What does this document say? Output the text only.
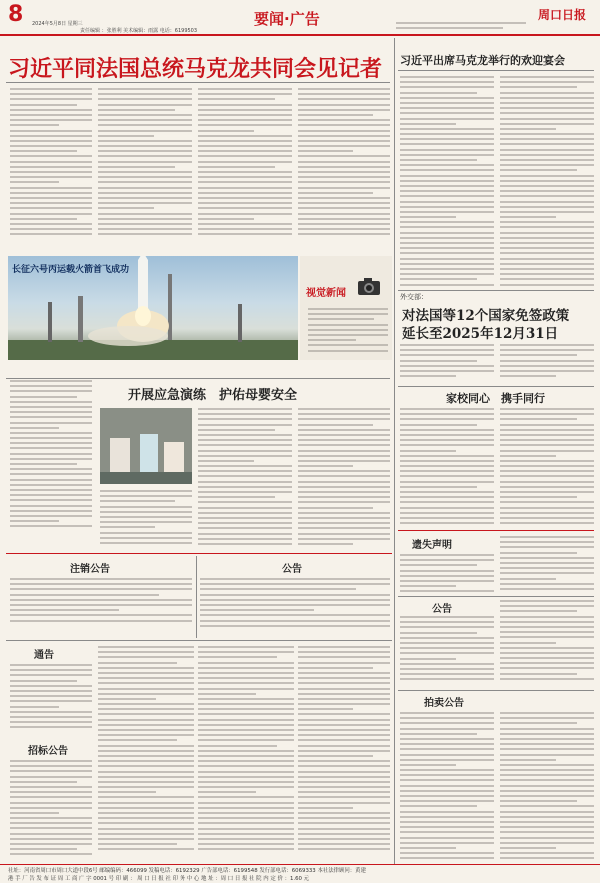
8 2024年5月8日 星期三
责任编辑 ：张胜利 美术编辑：雨露 电话：6199503
要闻·广告	周口日报
习近平同法国总统马克龙共同会见记者
长征六号丙运载火箭首飞成功
视觉新闻
开展应急演练　护佑母婴安全
注销公告	公告
通告
招标公告
习近平出席马克龙举行的欢迎宴会
外交部：
对法国等12个国家免签政策
延长至2025年12月31日
家校同心　携手同行
遗失声明
公告
拍卖公告
社址：河南省周口市周口大道中段6号 邮编编码：466099 发稿电话：6192329 广告部电话：6199548 发行部电话：6069333 本社法律顾问：黄建
港 手 厂 告 发 布 证 周 工 商 广 字 0001 号 印 刷 ： 周 口 日 报 社 印 务 中 心 地 址 ：周 口 日 报 社 院 内 定 价 ：1.60 元
